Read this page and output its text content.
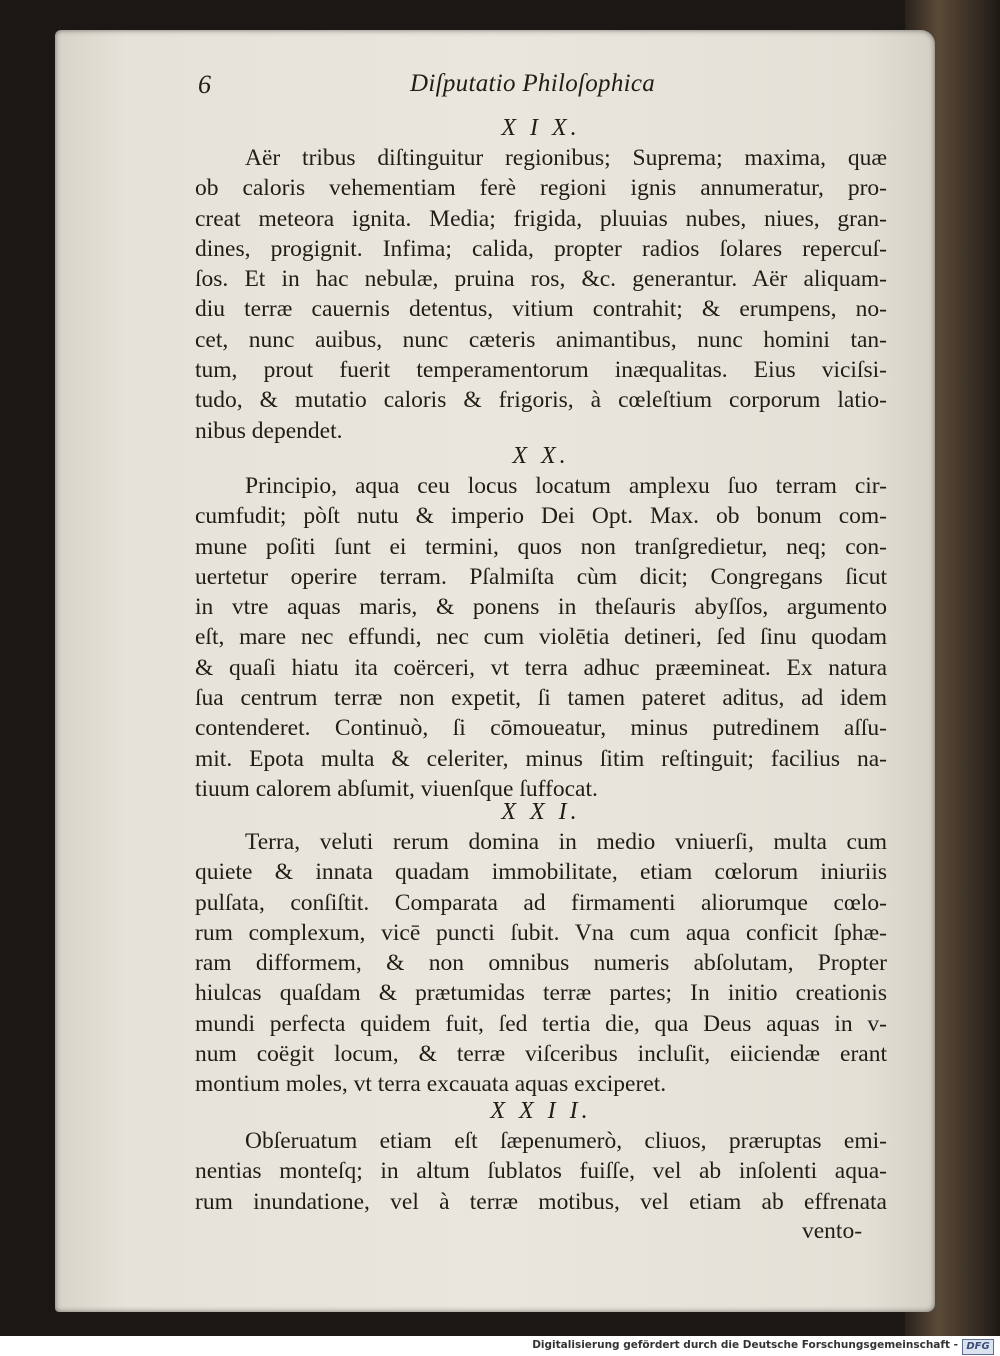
6	Diſputatio Philoſophica
X I X.
Aër tribus diſtinguitur regionibus; Suprema; maxima, quæ
ob caloris vehementiam ferè regioni ignis annumeratur, pro-
creat meteora ignita. Media; frigida, pluuias nubes, niues, gran-
dines, progignit. Infima; calida, propter radios ſolares repercuſ-
ſos. Et in hac nebulæ, pruina ros, &c. generantur. Aër aliquam-
diu terræ cauernis detentus, vitium contrahit; & erumpens, no-
cet, nunc auibus, nunc cæteris animantibus, nunc homini tan-
tum, prout fuerit temperamentorum inæqualitas. Eius viciſsi-
tudo, & mutatio caloris & frigoris, à cœleſtium corporum latio-
nibus dependet.
X X.
Principio, aqua ceu locus locatum amplexu ſuo terram cir-
cumfudit; pòſt nutu & imperio Dei Opt. Max. ob bonum com-
mune poſiti ſunt ei termini, quos non tranſgredietur, neq; con-
uertetur operire terram. Pſalmiſta cùm dicit; Congregans ſicut
in vtre aquas maris, & ponens in theſauris abyſſos, argumento
eſt, mare nec effundi, nec cum violētia detineri, ſed ſinu quodam
& quaſi hiatu ita coërceri, vt terra adhuc præemineat. Ex natura
ſua centrum terræ non expetit, ſi tamen pateret aditus, ad idem
contenderet. Continuò, ſi cōmoueatur, minus putredinem aſſu-
mit. Epota multa & celeriter, minus ſitim reſtinguit; facilius na-
tiuum calorem abſumit, viuenſque ſuffocat.
X X I.
Terra, veluti rerum domina in medio vniuerſi, multa cum
quiete & innata quadam immobilitate, etiam cœlorum iniuriis
pulſata, conſiſtit. Comparata ad firmamenti aliorumque cœlo-
rum complexum, vicē puncti ſubit. Vna cum aqua conficit ſphæ-
ram difformem, & non omnibus numeris abſolutam, Propter
hiulcas quaſdam & prætumidas terræ partes; In initio creationis
mundi perfecta quidem fuit, ſed tertia die, qua Deus aquas in v-
num coëgit locum, & terræ viſceribus incluſit, eiiciendæ erant
montium moles, vt terra excauata aquas exciperet.
X X I I.
Obſeruatum etiam eſt ſæpenumerò, cliuos, præruptas emi-
nentias monteſq; in altum ſublatos fuiſſe, vel ab inſolenti aqua-
rum inundatione, vel à terræ motibus, vel etiam ab effrenata
vento-
Digitalisierung gefördert durch die Deutsche Forschungsgemeinschaft - DFG
